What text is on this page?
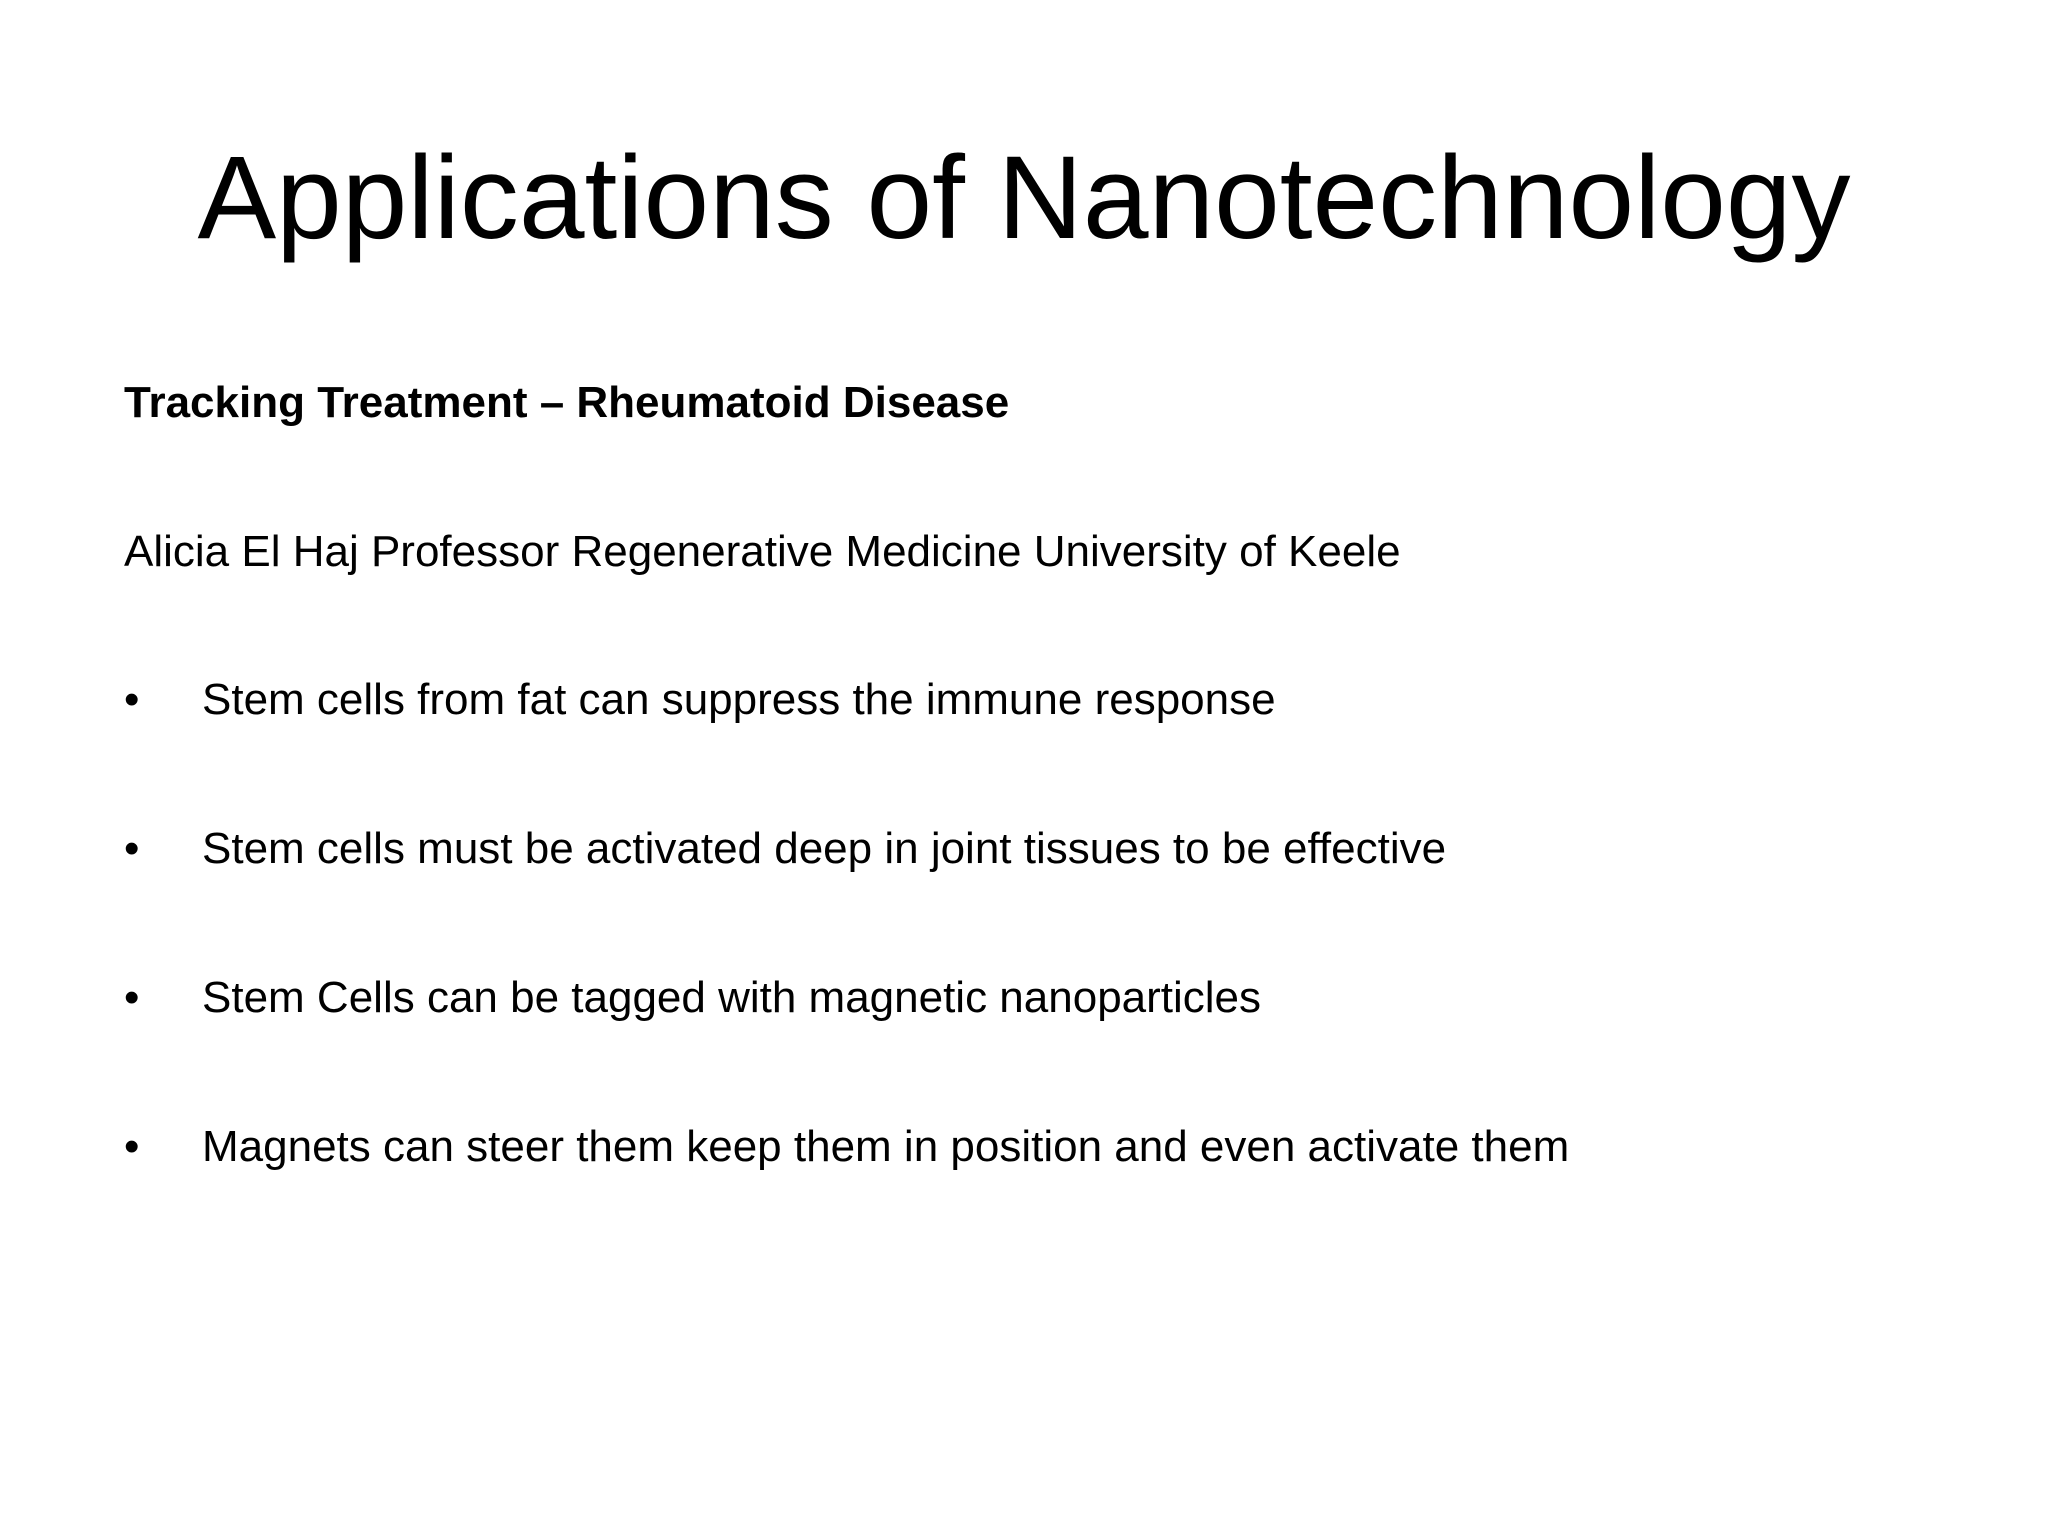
Applications of Nanotechnology

Tracking Treatment – Rheumatoid Disease

Alicia El Haj Professor Regenerative Medicine University of Keele

•	Stem cells from fat can suppress the immune response
•	Stem cells must be activated deep in joint tissues to be effective
•	Stem Cells can be tagged with magnetic nanoparticles
•	Magnets can steer them keep them in position and even activate them
